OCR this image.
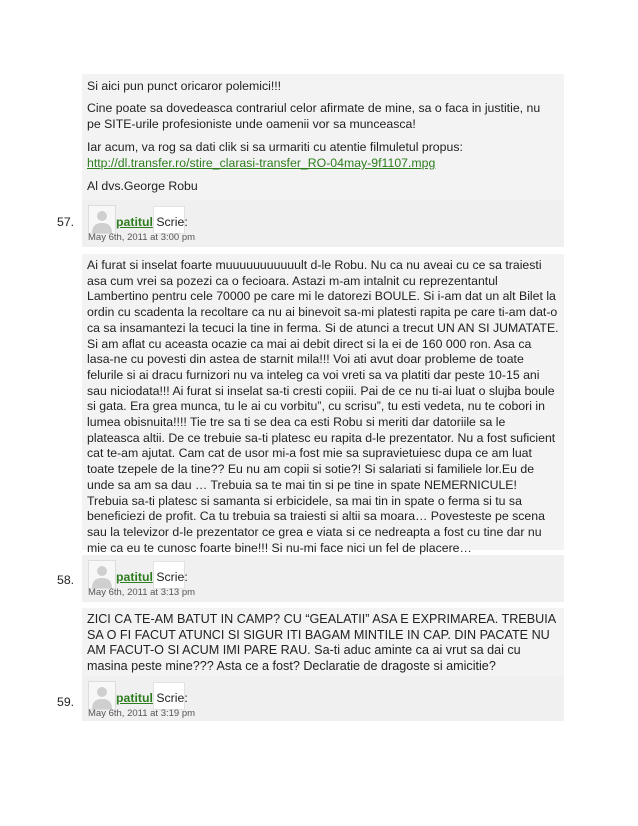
Si aici pun punct oricaror polemici!!!

Cine poate sa dovedeasca contrariul celor afirmate de mine, sa o faca in justitie, nu pe SITE-urile profesioniste unde oamenii vor sa munceasca!

Iar acum, va rog sa dati clik si sa urmariti cu atentie filmuletul propus:
http://dl.transfer.ro/stire_clarasi-transfer_RO-04may-9f1107.mpg

Al dvs.George Robu

57.	patitul Scrie:
May 6th, 2011 at 3:00 pm

Ai furat si inselat foarte muuuuuuuuuuult d-le Robu. Nu ca nu aveai cu ce sa traiesti asa cum vrei sa pozezi ca o fecioara. Astazi m-am intalnit cu reprezentantul Lambertino pentru cele 70000 pe care mi le datorezi BOULE. Si i-am dat un alt Bilet la ordin cu scadenta la recoltare ca nu ai binevoit sa-mi platesti rapita pe care ti-am dat-o ca sa insamantezi la tecuci la tine in ferma. Si de atunci a trecut UN AN SI JUMATATE. Si am aflat cu aceasta ocazie ca mai ai debit direct si la ei de 160 000 ron. Asa ca lasa-ne cu povesti din astea de starnit mila!!! Voi ati avut doar probleme de toate felurile si ai dracu furnizori nu va inteleg ca voi vreti sa va platiti dar peste 10-15 ani sau niciodata!!! Ai furat si inselat sa-ti cresti copiii. Pai de ce nu ti-ai luat o slujba boule si gata. Era grea munca, tu le ai cu vorbitu”, cu scrisu”, tu esti vedeta, nu te cobori in lumea obisnuita!!!! Tie tre sa ti se dea ca esti Robu si meriti dar datoriile sa le plateasca altii. De ce trebuie sa-ti platesc eu rapita d-le prezentator. Nu a fost suficient cat te-am ajutat. Cam cat de usor mi-a fost mie sa supravietuiesc dupa ce am luat toate tzepele de la tine?? Eu nu am copii si sotie?! Si salariati si familiele lor.Eu de unde sa am sa dau … Trebuia sa te mai tin si pe tine in spate NEMERNICULE! Trebuia sa-ti platesc si samanta si erbicidele, sa mai tin in spate o ferma si tu sa beneficiezi de profit. Ca tu trebuia sa traiesti si altii sa moara… Povesteste pe scena sau la televizor d-le prezentator ce grea e viata si ce nedreapta a fost cu tine dar nu mie ca eu te cunosc foarte bine!!! Si nu-mi face nici un fel de placere…

58.	patitul Scrie:
May 6th, 2011 at 3:13 pm

ZICI CA TE-AM BATUT IN CAMP? CU “GEALATII” ASA E EXPRIMAREA. TREBUIA SA O FI FACUT ATUNCI SI SIGUR ITI BAGAM MINTILE IN CAP. DIN PACATE NU AM FACUT-O SI ACUM IMI PARE RAU. Sa-ti aduc aminte ca ai vrut sa dai cu masina peste mine??? Asta ce a fost? Declaratie de dragoste si amicitie?

59.	patitul Scrie:
May 6th, 2011 at 3:19 pm
